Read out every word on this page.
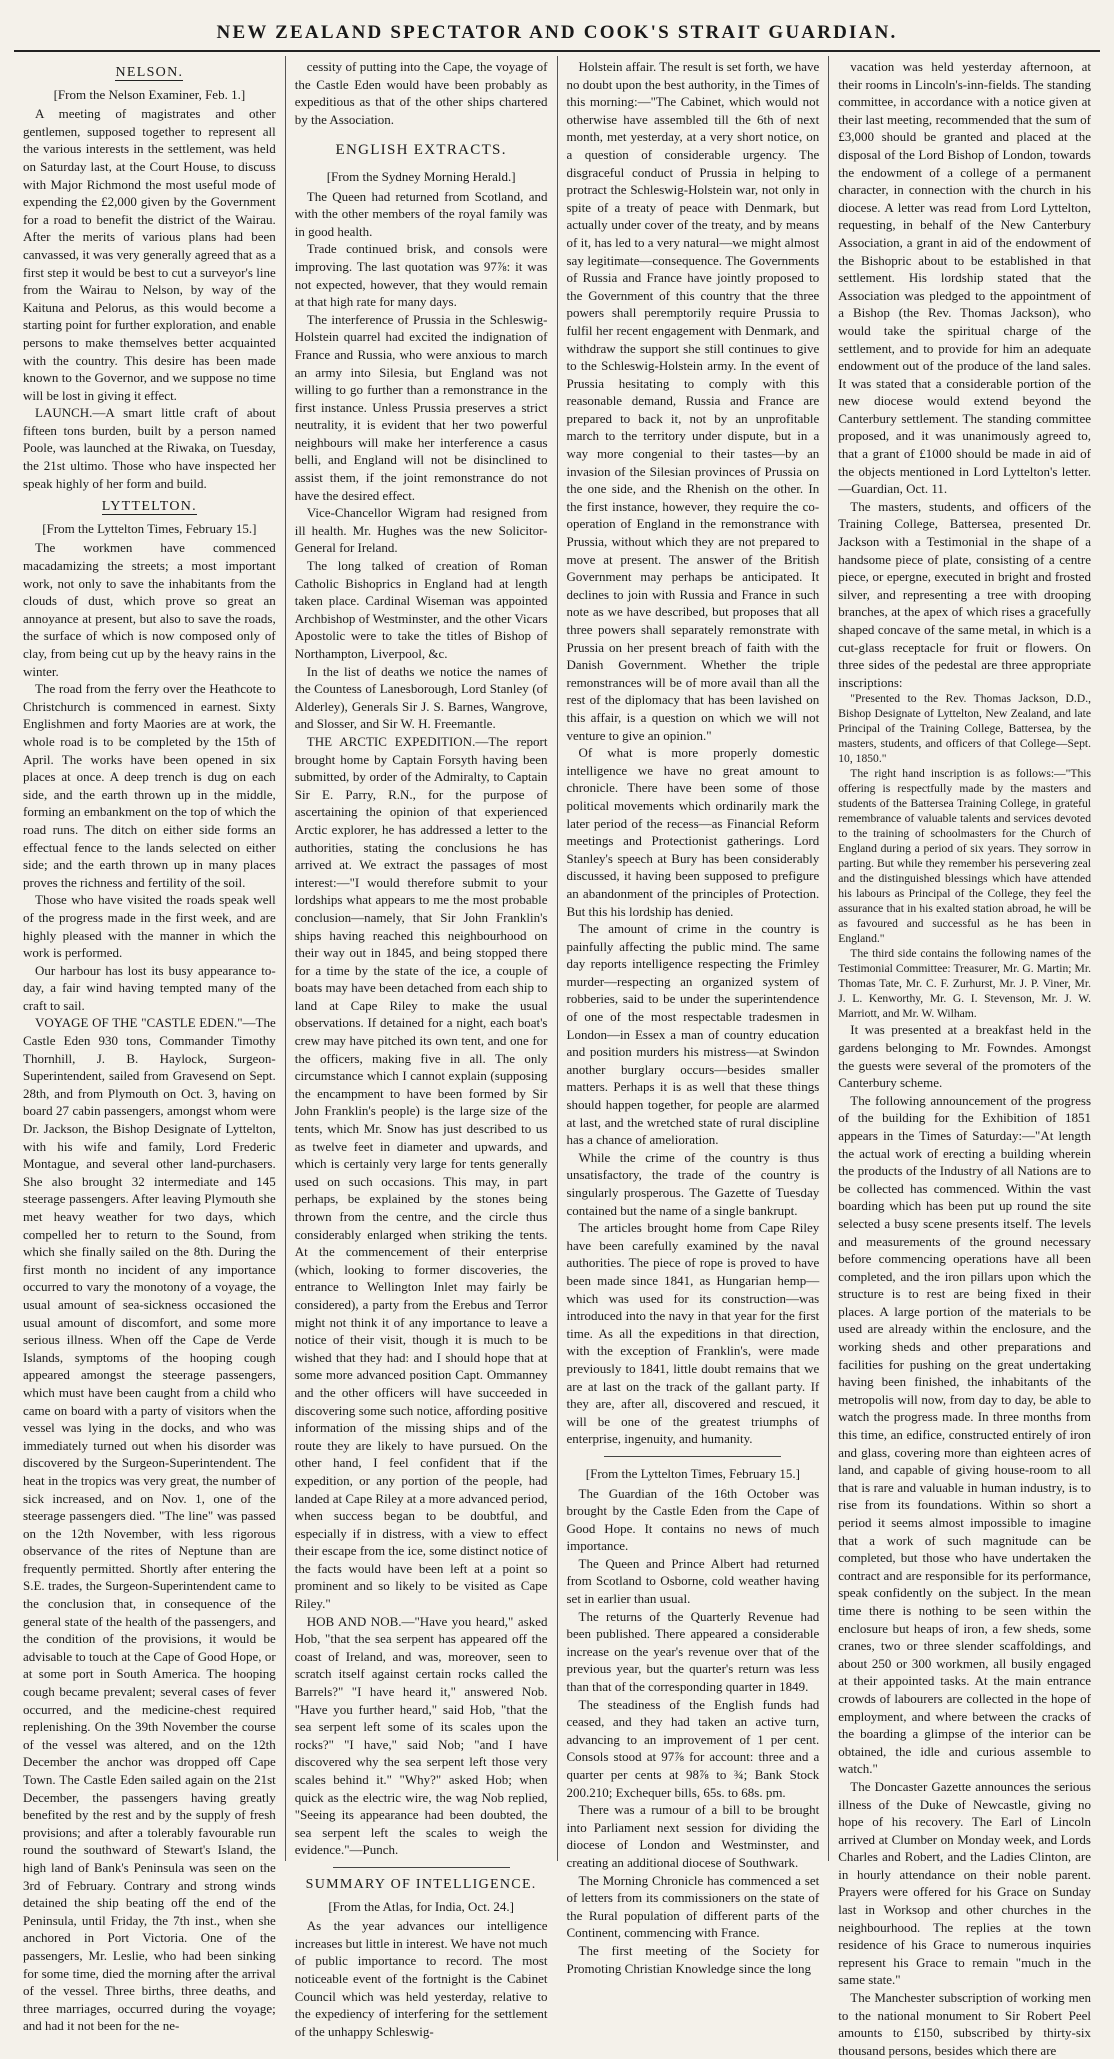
NEW ZEALAND SPECTATOR AND COOK'S STRAIT GUARDIAN.
NELSON.

[From the Nelson Examiner, Feb. 1.]

A meeting of magistrates and other gentlemen, supposed together to represent all the various interests in the settlement, was held on Saturday last, at the Court House, to discuss with Major Richmond the most useful mode of expending the £2,000 given by the Government for a road to benefit the district of the Wairau. After the merits of various plans had been canvassed, it was very generally agreed that as a first step it would be best to cut a surveyor's line from the Wairau to Nelson, by way of the Kaituna and Pelorus, as this would become a starting point for further exploration, and enable persons to make themselves better acquainted with the country. This desire has been made known to the Governor, and we suppose no time will be lost in giving it effect.

LAUNCH.—A smart little craft of about fifteen tons burden, built by a person named Poole, was launched at the Riwaka, on Tuesday, the 21st ultimo. Those who have inspected her speak highly of her form and build.

LYTTELTON.

[From the Lyttelton Times, February 15.]

The workmen have commenced macadamizing the streets; a most important work, not only to save the inhabitants from the clouds of dust, which prove so great an annoyance at present, but also to save the roads, the surface of which is now composed only of clay, from being cut up by the heavy rains in the winter.

The road from the ferry over the Heathcote to Christchurch is commenced in earnest. Sixty Englishmen and forty Maories are at work, the whole road is to be completed by the 15th of April. The works have been opened in six places at once. A deep trench is dug on each side, and the earth thrown up in the middle, forming an embankment on the top of which the road runs. The ditch on either side forms an effectual fence to the lands selected on either side; and the earth thrown up in many places proves the richness and fertility of the soil.

Those who have visited the roads speak well of the progress made in the first week, and are highly pleased with the manner in which the work is performed.

Our harbour has lost its busy appearance to-day, a fair wind having tempted many of the craft to sail.

VOYAGE OF THE "CASTLE EDEN."—The Castle Eden 930 tons, Commander Timothy Thornhill, J. B. Haylock, Surgeon-Superintendent, sailed from Gravesend on Sept. 28th, and from Plymouth on Oct. 3, having on board 27 cabin passengers, amongst whom were Dr. Jackson, the Bishop Designate of Lyttelton, with his wife and family, Lord Frederic Montague, and several other land-purchasers. She also brought 32 intermediate and 145 steerage passengers. After leaving Plymouth she met heavy weather for two days, which compelled her to return to the Sound, from which she finally sailed on the 8th. During the first month no incident of any importance occurred to vary the monotony of a voyage, the usual amount of sea-sickness occasioned the usual amount of discomfort, and some more serious illness. When off the Cape de Verde Islands, symptoms of the hooping cough appeared amongst the steerage passengers, which must have been caught from a child who came on board with a party of visitors when the vessel was lying in the docks, and who was immediately turned out when his disorder was discovered by the Surgeon-Superintendent. The heat in the tropics was very great, the number of sick increased, and on Nov. 1, one of the steerage passengers died. "The line" was passed on the 12th November, with less rigorous observance of the rites of Neptune than are frequently permitted. Shortly after entering the S.E. trades, the Surgeon-Superintendent came to the conclusion that, in consequence of the general state of the health of the passengers, and the condition of the provisions, it would be advisable to touch at the Cape of Good Hope, or at some port in South America. The hooping cough became prevalent; several cases of fever occurred, and the medicine-chest required replenishing. On the 39th November the course of the vessel was altered, and on the 12th December the anchor was dropped off Cape Town. The Castle Eden sailed again on the 21st December, the passengers having greatly benefited by the rest and by the supply of fresh provisions; and after a tolerably favourable run round the southward of Stewart's Island, the high land of Bank's Peninsula was seen on the 3rd of February. Contrary and strong winds detained the ship beating off the end of the Peninsula, until Friday, the 7th inst., when she anchored in Port Victoria. One of the passengers, Mr. Leslie, who had been sinking for some time, died the morning after the arrival of the vessel. Three births, three deaths, and three marriages, occurred during the voyage; and had it not been for the ne-

cessity of putting into the Cape, the voyage of the Castle Eden would have been probably as expeditious as that of the other ships chartered by the Association.

ENGLISH EXTRACTS.

[From the Sydney Morning Herald.]

The Queen had returned from Scotland, and with the other members of the royal family was in good health.

Trade continued brisk, and consols were improving. The last quotation was 97⅞: it was not expected, however, that they would remain at that high rate for many days.

The interference of Prussia in the Schleswig-Holstein quarrel had excited the indignation of France and Russia, who were anxious to march an army into Silesia, but England was not willing to go further than a remonstrance in the first instance. Unless Prussia preserves a strict neutrality, it is evident that her two powerful neighbours will make her interference a casus belli, and England will not be disinclined to assist them, if the joint remonstrance do not have the desired effect.

Vice-Chancellor Wigram had resigned from ill health. Mr. Hughes was the new Solicitor-General for Ireland.

The long talked of creation of Roman Catholic Bishoprics in England had at length taken place. Cardinal Wiseman was appointed Archbishop of Westminster, and the other Vicars Apostolic were to take the titles of Bishop of Northampton, Liverpool, &c.

In the list of deaths we notice the names of the Countess of Lanesborough, Lord Stanley (of Alderley), Generals Sir J. S. Barnes, Wangrove, and Slosser, and Sir W. H. Freemantle.

THE ARCTIC EXPEDITION.—The report brought home by Captain Forsyth having been submitted, by order of the Admiralty, to Captain Sir E. Parry, R.N., for the purpose of ascertaining the opinion of that experienced Arctic explorer, he has addressed a letter to the authorities, stating the conclusions he has arrived at. We extract the passages of most interest:—"I would therefore submit to your lordships what appears to me the most probable conclusion—namely, that Sir John Franklin's ships having reached this neighbourhood on their way out in 1845, and being stopped there for a time by the state of the ice, a couple of boats may have been detached from each ship to land at Cape Riley to make the usual observations. If detained for a night, each boat's crew may have pitched its own tent, and one for the officers, making five in all. The only circumstance which I cannot explain (supposing the encampment to have been formed by Sir John Franklin's people) is the large size of the tents, which Mr. Snow has just described to us as twelve feet in diameter and upwards, and which is certainly very large for tents generally used on such occasions. This may, in part perhaps, be explained by the stones being thrown from the centre, and the circle thus considerably enlarged when striking the tents. At the commencement of their enterprise (which, looking to former discoveries, the entrance to Wellington Inlet may fairly be considered), a party from the Erebus and Terror might not think it of any importance to leave a notice of their visit, though it is much to be wished that they had: and I should hope that at some more advanced position Capt. Ommanney and the other officers will have succeeded in discovering some such notice, affording positive information of the missing ships and of the route they are likely to have pursued. On the other hand, I feel confident that if the expedition, or any portion of the people, had landed at Cape Riley at a more advanced period, when success began to be doubtful, and especially if in distress, with a view to effect their escape from the ice, some distinct notice of the facts would have been left at a point so prominent and so likely to be visited as Cape Riley."

HOB AND NOB.—"Have you heard," asked Hob, "that the sea serpent has appeared off the coast of Ireland, and was, moreover, seen to scratch itself against certain rocks called the Barrels?" "I have heard it," answered Nob. "Have you further heard," said Hob, "that the sea serpent left some of its scales upon the rocks?" "I have," said Nob; "and I have discovered why the sea serpent left those very scales behind it." "Why?" asked Hob; when quick as the electric wire, the wag Nob replied, "Seeing its appearance had been doubted, the sea serpent left the scales to weigh the evidence."—Punch.

SUMMARY OF INTELLIGENCE.

[From the Atlas, for India, Oct. 24.]

As the year advances our intelligence increases but little in interest. We have not much of public importance to record. The most noticeable event of the fortnight is the Cabinet Council which was held yesterday, relative to the expediency of interfering for the settlement of the unhappy Schleswig-

Holstein affair. The result is set forth, we have no doubt upon the best authority, in the Times of this morning:—"The Cabinet, which would not otherwise have assembled till the 6th of next month, met yesterday, at a very short notice, on a question of considerable urgency. The disgraceful conduct of Prussia in helping to protract the Schleswig-Holstein war, not only in spite of a treaty of peace with Denmark, but actually under cover of the treaty, and by means of it, has led to a very natural—we might almost say legitimate—consequence. The Governments of Russia and France have jointly proposed to the Government of this country that the three powers shall peremptorily require Prussia to fulfil her recent engagement with Denmark, and withdraw the support she still continues to give to the Schleswig-Holstein army. In the event of Prussia hesitating to comply with this reasonable demand, Russia and France are prepared to back it, not by an unprofitable march to the territory under dispute, but in a way more congenial to their tastes—by an invasion of the Silesian provinces of Prussia on the one side, and the Rhenish on the other. In the first instance, however, they require the co-operation of England in the remonstrance with Prussia, without which they are not prepared to move at present. The answer of the British Government may perhaps be anticipated. It declines to join with Russia and France in such note as we have described, but proposes that all three powers shall separately remonstrate with Prussia on her present breach of faith with the Danish Government. Whether the triple remonstrances will be of more avail than all the rest of the diplomacy that has been lavished on this affair, is a question on which we will not venture to give an opinion."

Of what is more properly domestic intelligence we have no great amount to chronicle. There have been some of those political movements which ordinarily mark the later period of the recess—as Financial Reform meetings and Protectionist gatherings. Lord Stanley's speech at Bury has been considerably discussed, it having been supposed to prefigure an abandonment of the principles of Protection. But this his lordship has denied.

The amount of crime in the country is painfully affecting the public mind. The same day reports intelligence respecting the Frimley murder—respecting an organized system of robberies, said to be under the superintendence of one of the most respectable tradesmen in London—in Essex a man of country education and position murders his mistress—at Swindon another burglary occurs—besides smaller matters. Perhaps it is as well that these things should happen together, for people are alarmed at last, and the wretched state of rural discipline has a chance of amelioration.

While the crime of the country is thus unsatisfactory, the trade of the country is singularly prosperous. The Gazette of Tuesday contained but the name of a single bankrupt.

The articles brought home from Cape Riley have been carefully examined by the naval authorities. The piece of rope is proved to have been made since 1841, as Hungarian hemp—which was used for its construction—was introduced into the navy in that year for the first time. As all the expeditions in that direction, with the exception of Franklin's, were made previously to 1841, little doubt remains that we are at last on the track of the gallant party. If they are, after all, discovered and rescued, it will be one of the greatest triumphs of enterprise, ingenuity, and humanity.

[From the Lyttelton Times, February 15.]

The Guardian of the 16th October was brought by the Castle Eden from the Cape of Good Hope. It contains no news of much importance.

The Queen and Prince Albert had returned from Scotland to Osborne, cold weather having set in earlier than usual.

The returns of the Quarterly Revenue had been published. There appeared a considerable increase on the year's revenue over that of the previous year, but the quarter's return was less than that of the corresponding quarter in 1849.

The steadiness of the English funds had ceased, and they had taken an active turn, advancing to an improvement of 1 per cent. Consols stood at 97⅞ for account: three and a quarter per cents at 98⅞ to ¾; Bank Stock 200.210; Exchequer bills, 65s. to 68s. pm.

There was a rumour of a bill to be brought into Parliament next session for dividing the diocese of London and Westminster, and creating an additional diocese of Southwark.

The Morning Chronicle has commenced a set of letters from its commissioners on the state of the Rural population of different parts of the Continent, commencing with France.

The first meeting of the Society for Promoting Christian Knowledge since the long

vacation was held yesterday afternoon, at their rooms in Lincoln's-inn-fields. The standing committee, in accordance with a notice given at their last meeting, recommended that the sum of £3,000 should be granted and placed at the disposal of the Lord Bishop of London, towards the endowment of a college of a permanent character, in connection with the church in his diocese. A letter was read from Lord Lyttelton, requesting, in behalf of the New Canterbury Association, a grant in aid of the endowment of the Bishopric about to be established in that settlement. His lordship stated that the Association was pledged to the appointment of a Bishop (the Rev. Thomas Jackson), who would take the spiritual charge of the settlement, and to provide for him an adequate endowment out of the produce of the land sales. It was stated that a considerable portion of the new diocese would extend beyond the Canterbury settlement. The standing committee proposed, and it was unanimously agreed to, that a grant of £1000 should be made in aid of the objects mentioned in Lord Lyttelton's letter.—Guardian, Oct. 11.

The masters, students, and officers of the Training College, Battersea, presented Dr. Jackson with a Testimonial in the shape of a handsome piece of plate, consisting of a centre piece, or epergne, executed in bright and frosted silver, and representing a tree with drooping branches, at the apex of which rises a gracefully shaped concave of the same metal, in which is a cut-glass receptacle for fruit or flowers. On three sides of the pedestal are three appropriate inscriptions:

"Presented to the Rev. Thomas Jackson, D.D., Bishop Designate of Lyttelton, New Zealand, and late Principal of the Training College, Battersea, by the masters, students, and officers of that College—Sept. 10, 1850."

The right hand inscription is as follows:—"This offering is respectfully made by the masters and students of the Battersea Training College, in grateful remembrance of valuable talents and services devoted to the training of schoolmasters for the Church of England during a period of six years. They sorrow in parting. But while they remember his persevering zeal and the distinguished blessings which have attended his labours as Principal of the College, they feel the assurance that in his exalted station abroad, he will be as favoured and successful as he has been in England."

The third side contains the following names of the Testimonial Committee: Treasurer, Mr. G. Martin; Mr. Thomas Tate, Mr. C. F. Zurhurst, Mr. J. P. Viner, Mr. J. L. Kenworthy, Mr. G. I. Stevenson, Mr. J. W. Marriott, and Mr. W. Wilham.

It was presented at a breakfast held in the gardens belonging to Mr. Fowndes. Amongst the guests were several of the promoters of the Canterbury scheme.

The following announcement of the progress of the building for the Exhibition of 1851 appears in the Times of Saturday:—"At length the actual work of erecting a building wherein the products of the Industry of all Nations are to be collected has commenced. Within the vast boarding which has been put up round the site selected a busy scene presents itself. The levels and measurements of the ground necessary before commencing operations have all been completed, and the iron pillars upon which the structure is to rest are being fixed in their places. A large portion of the materials to be used are already within the enclosure, and the working sheds and other preparations and facilities for pushing on the great undertaking having been finished, the inhabitants of the metropolis will now, from day to day, be able to watch the progress made. In three months from this time, an edifice, constructed entirely of iron and glass, covering more than eighteen acres of land, and capable of giving house-room to all that is rare and valuable in human industry, is to rise from its foundations. Within so short a period it seems almost impossible to imagine that a work of such magnitude can be completed, but those who have undertaken the contract and are responsible for its performance, speak confidently on the subject. In the mean time there is nothing to be seen within the enclosure but heaps of iron, a few sheds, some cranes, two or three slender scaffoldings, and about 250 or 300 workmen, all busily engaged at their appointed tasks. At the main entrance crowds of labourers are collected in the hope of employment, and where between the cracks of the boarding a glimpse of the interior can be obtained, the idle and curious assemble to watch."

The Doncaster Gazette announces the serious illness of the Duke of Newcastle, giving no hope of his recovery. The Earl of Lincoln arrived at Clumber on Monday week, and Lords Charles and Robert, and the Ladies Clinton, are in hourly attendance on their noble parent. Prayers were offered for his Grace on Sunday last in Worksop and other churches in the neighbourhood. The replies at the town residence of his Grace to numerous inquiries represent his Grace to remain "much in the same state."

The Manchester subscription of working men to the national monument to Sir Robert Peel amounts to £150, subscribed by thirty-six thousand persons, besides which there are
